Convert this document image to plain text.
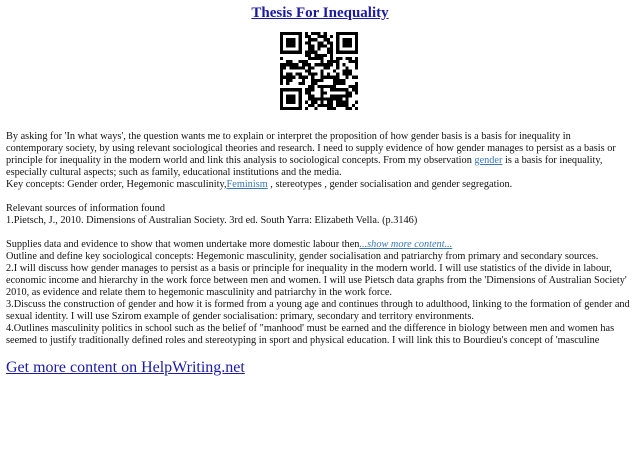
Thesis For Inequality
By asking for 'In what ways', the question wants me to explain or interpret the proposition of how gender basis is a basis for inequality in
contemporary society, by using relevant sociological theories and research. I need to supply evidence of how gender manages to persist as a basis or
principle for inequality in the modern world and link this analysis to sociological concepts. From my observation gender is a basis for inequality,
especially cultural aspects; such as family, educational institutions and the media.
Key concepts: Gender order, Hegemonic masculinity,Feminism , stereotypes , gender socialisation and gender segregation.
Relevant sources of information found
1.Pietsch, J., 2010. Dimensions of Australian Society. 3rd ed. South Yarra: Elizabeth Vella. (p.3146)
Supplies data and evidence to show that women undertake more domestic labour then...show more content...
Outline and define key sociological concepts: Hegemonic masculinity, gender socialisation and patriarchy from primary and secondary sources.
2.I will discuss how gender manages to persist as a basis or principle for inequality in the modern world. I will use statistics of the divide in labour,
economic income and hierarchy in the work force between men and women. I will use Pietsch data graphs from the 'Dimensions of Australian Society'
2010, as evidence and relate them to hegemonic masculinity and patriarchy in the work force.
3.Discuss the construction of gender and how it is formed from a young age and continues through to adulthood, linking to the formation of gender and
sexual identity. I will use Szirom example of gender socialisation: primary, secondary and territory environments.
4.Outlines masculinity politics in school such as the belief of "manhood' must be earned and the difference in biology between men and women has
seemed to justify traditionally defined roles and stereotyping in sport and physical education. I will link this to Bourdieu's concept of 'masculine
Get more content on HelpWriting.net
